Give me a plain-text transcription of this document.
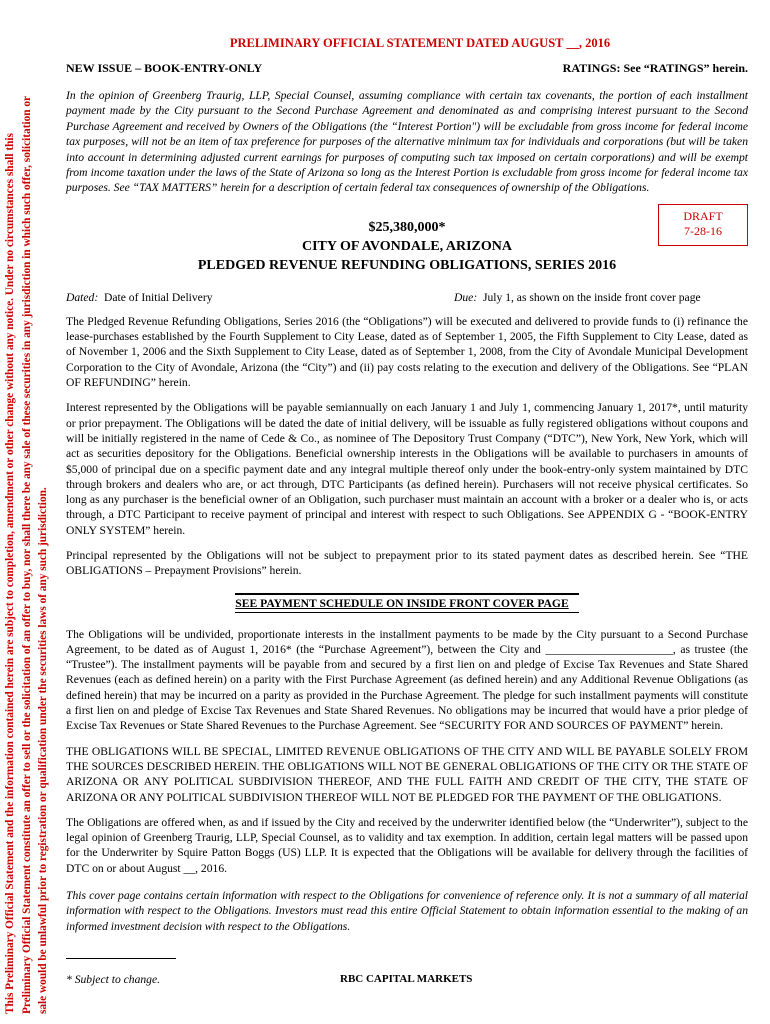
This Preliminary Official Statement and the information contained herein are subject to completion, amendment or other change without any notice. Under no circumstances shall this Preliminary Official Statement constitute an offer to sell or the solicitation of an offer to buy, nor shall there be any sale of these securities in any jurisdiction in which such offer, solicitation or sale would be unlawful prior to registration or qualification under the securities laws of any such jurisdiction.
PRELIMINARY OFFICIAL STATEMENT DATED AUGUST __, 2016
NEW ISSUE – BOOK-ENTRY-ONLY	RATINGS: See “RATINGS” herein.

In the opinion of Greenberg Traurig, LLP, Special Counsel, assuming compliance with certain tax covenants, the portion of each installment payment made by the City pursuant to the Second Purchase Agreement and denominated as and comprising interest pursuant to the Second Purchase Agreement and received by Owners of the Obligations (the “Interest Portion") will be excludable from gross income for federal income tax purposes, will not be an item of tax preference for purposes of the alternative minimum tax for individuals and corporations (but will be taken into account in determining adjusted current earnings for purposes of computing such tax imposed on certain corporations) and will be exempt from income taxation under the laws of the State of Arizona so long as the Interest Portion is excludable from gross income for federal income tax purposes. See “TAX MATTERS” herein for a description of certain federal tax consequences of ownership of the Obligations.

DRAFT
7-28-16
$25,380,000*
CITY OF AVONDALE, ARIZONA
PLEDGED REVENUE REFUNDING OBLIGATIONS, SERIES 2016
Dated: Date of Initial Delivery	Due: July 1, as shown on the inside front cover page

The Pledged Revenue Refunding Obligations, Series 2016 (the “Obligations”) will be executed and delivered to provide funds to (i) refinance the lease-purchases established by the Fourth Supplement to City Lease, dated as of September 1, 2005, the Fifth Supplement to City Lease, dated as of November 1, 2006 and the Sixth Supplement to City Lease, dated as of September 1, 2008, from the City of Avondale Municipal Development Corporation to the City of Avondale, Arizona (the “City”) and (ii) pay costs relating to the execution and delivery of the Obligations. See “PLAN OF REFUNDING” herein.

Interest represented by the Obligations will be payable semiannually on each January 1 and July 1, commencing January 1, 2017*, until maturity or prior prepayment. The Obligations will be dated the date of initial delivery, will be issuable as fully registered obligations without coupons and will be initially registered in the name of Cede & Co., as nominee of The Depository Trust Company (“DTC”), New York, New York, which will act as securities depository for the Obligations. Beneficial ownership interests in the Obligations will be available to purchasers in amounts of $5,000 of principal due on a specific payment date and any integral multiple thereof only under the book-entry-only system maintained by DTC through brokers and dealers who are, or act through, DTC Participants (as defined herein). Purchasers will not receive physical certificates. So long as any purchaser is the beneficial owner of an Obligation, such purchaser must maintain an account with a broker or a dealer who is, or acts through, a DTC Participant to receive payment of principal and interest with respect to such Obligations. See APPENDIX G - “BOOK-ENTRY ONLY SYSTEM” herein.

Principal represented by the Obligations will not be subject to prepayment prior to its stated payment dates as described herein. See “THE OBLIGATIONS – Prepayment Provisions” herein.

SEE PAYMENT SCHEDULE ON INSIDE FRONT COVER PAGE

The Obligations will be undivided, proportionate interests in the installment payments to be made by the City pursuant to a Second Purchase Agreement, to be dated as of August 1, 2016* (the “Purchase Agreement”), between the City and ______________________, as trustee (the “Trustee”). The installment payments will be payable from and secured by a first lien on and pledge of Excise Tax Revenues and State Shared Revenues (each as defined herein) on a parity with the First Purchase Agreement (as defined herein) and any Additional Revenue Obligations (as defined herein) that may be incurred on a parity as provided in the Purchase Agreement. The pledge for such installment payments will constitute a first lien on and pledge of Excise Tax Revenues and State Shared Revenues. No obligations may be incurred that would have a prior pledge of Excise Tax Revenues or State Shared Revenues to the Purchase Agreement. See “SECURITY FOR AND SOURCES OF PAYMENT” herein.

THE OBLIGATIONS WILL BE SPECIAL, LIMITED REVENUE OBLIGATIONS OF THE CITY AND WILL BE PAYABLE SOLELY FROM THE SOURCES DESCRIBED HEREIN. THE OBLIGATIONS WILL NOT BE GENERAL OBLIGATIONS OF THE CITY OR THE STATE OF ARIZONA OR ANY POLITICAL SUBDIVISION THEREOF, AND THE FULL FAITH AND CREDIT OF THE CITY, THE STATE OF ARIZONA OR ANY POLITICAL SUBDIVISION THEREOF WILL NOT BE PLEDGED FOR THE PAYMENT OF THE OBLIGATIONS.

The Obligations are offered when, as and if issued by the City and received by the underwriter identified below (the “Underwriter”), subject to the legal opinion of Greenberg Traurig, LLP, Special Counsel, as to validity and tax exemption. In addition, certain legal matters will be passed upon for the Underwriter by Squire Patton Boggs (US) LLP. It is expected that the Obligations will be available for delivery through the facilities of DTC on or about August __, 2016.

This cover page contains certain information with respect to the Obligations for convenience of reference only. It is not a summary of all material information with respect to the Obligations. Investors must read this entire Official Statement to obtain information essential to the making of an informed investment decision with respect to the Obligations.

* Subject to change.	RBC CAPITAL MARKETS
